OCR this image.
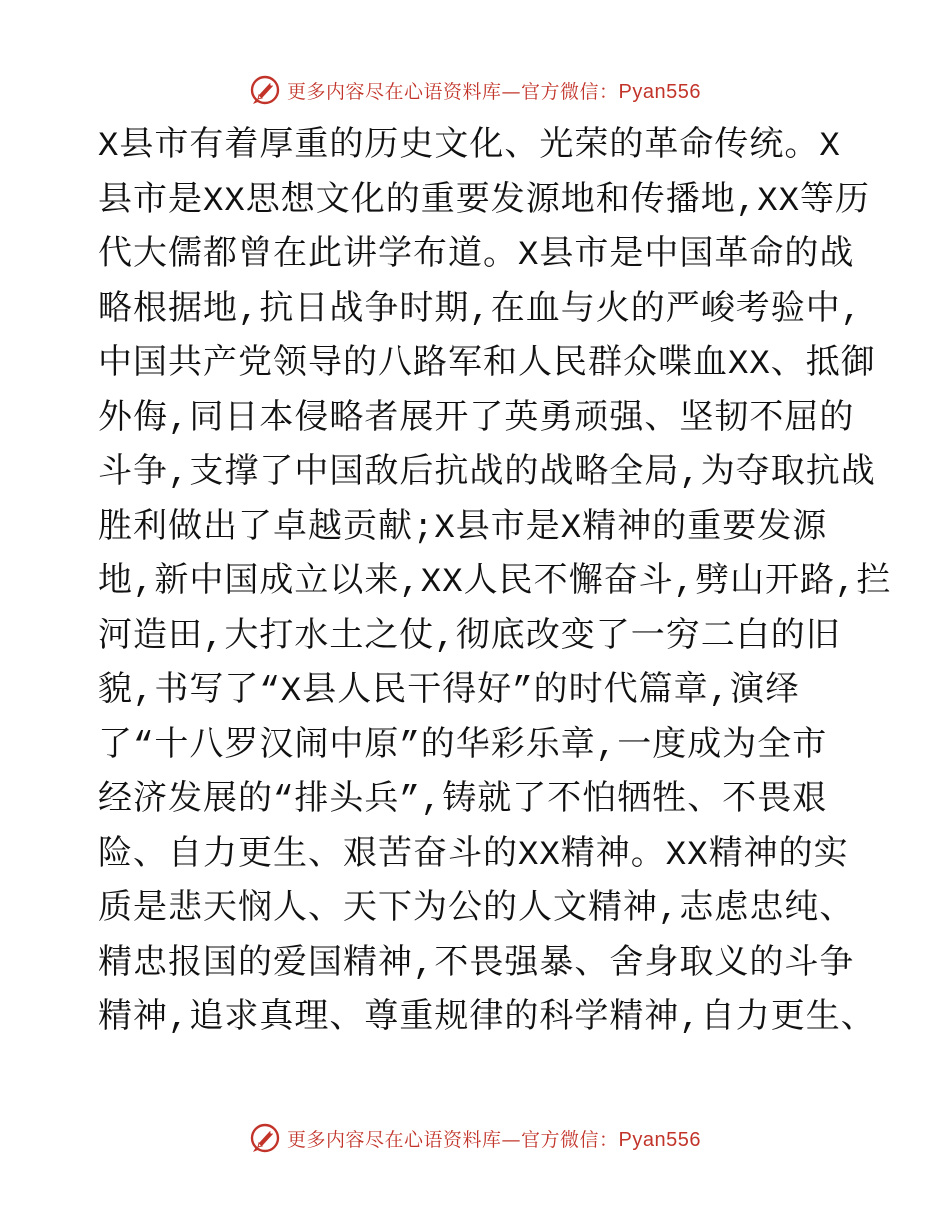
更多内容尽在心语资料库—官方微信：Pyan556
X县市有着厚重的历史文化、光荣的革命传统。X
县市是XX思想文化的重要发源地和传播地,XX等历
代大儒都曾在此讲学布道。X县市是中国革命的战
略根据地,抗日战争时期,在血与火的严峻考验中,
中国共产党领导的八路军和人民群众喋血XX、抵御
外侮,同日本侵略者展开了英勇顽强、坚韧不屈的
斗争,支撑了中国敌后抗战的战略全局,为夺取抗战
胜利做出了卓越贡献;X县市是X精神的重要发源
地,新中国成立以来,XX人民不懈奋斗,劈山开路,拦
河造田,大打水土之仗,彻底改变了一穷二白的旧
貌,书写了“X县人民干得好”的时代篇章,演绎
了“十八罗汉闹中原”的华彩乐章,一度成为全市
经济发展的“排头兵”,铸就了不怕牺牲、不畏艰
险、自力更生、艰苦奋斗的XX精神。XX精神的实
质是悲天悯人、天下为公的人文精神,志虑忠纯、
精忠报国的爱国精神,不畏强暴、舍身取义的斗争
精神,追求真理、尊重规律的科学精神,自力更生、
更多内容尽在心语资料库—官方微信：Pyan556
